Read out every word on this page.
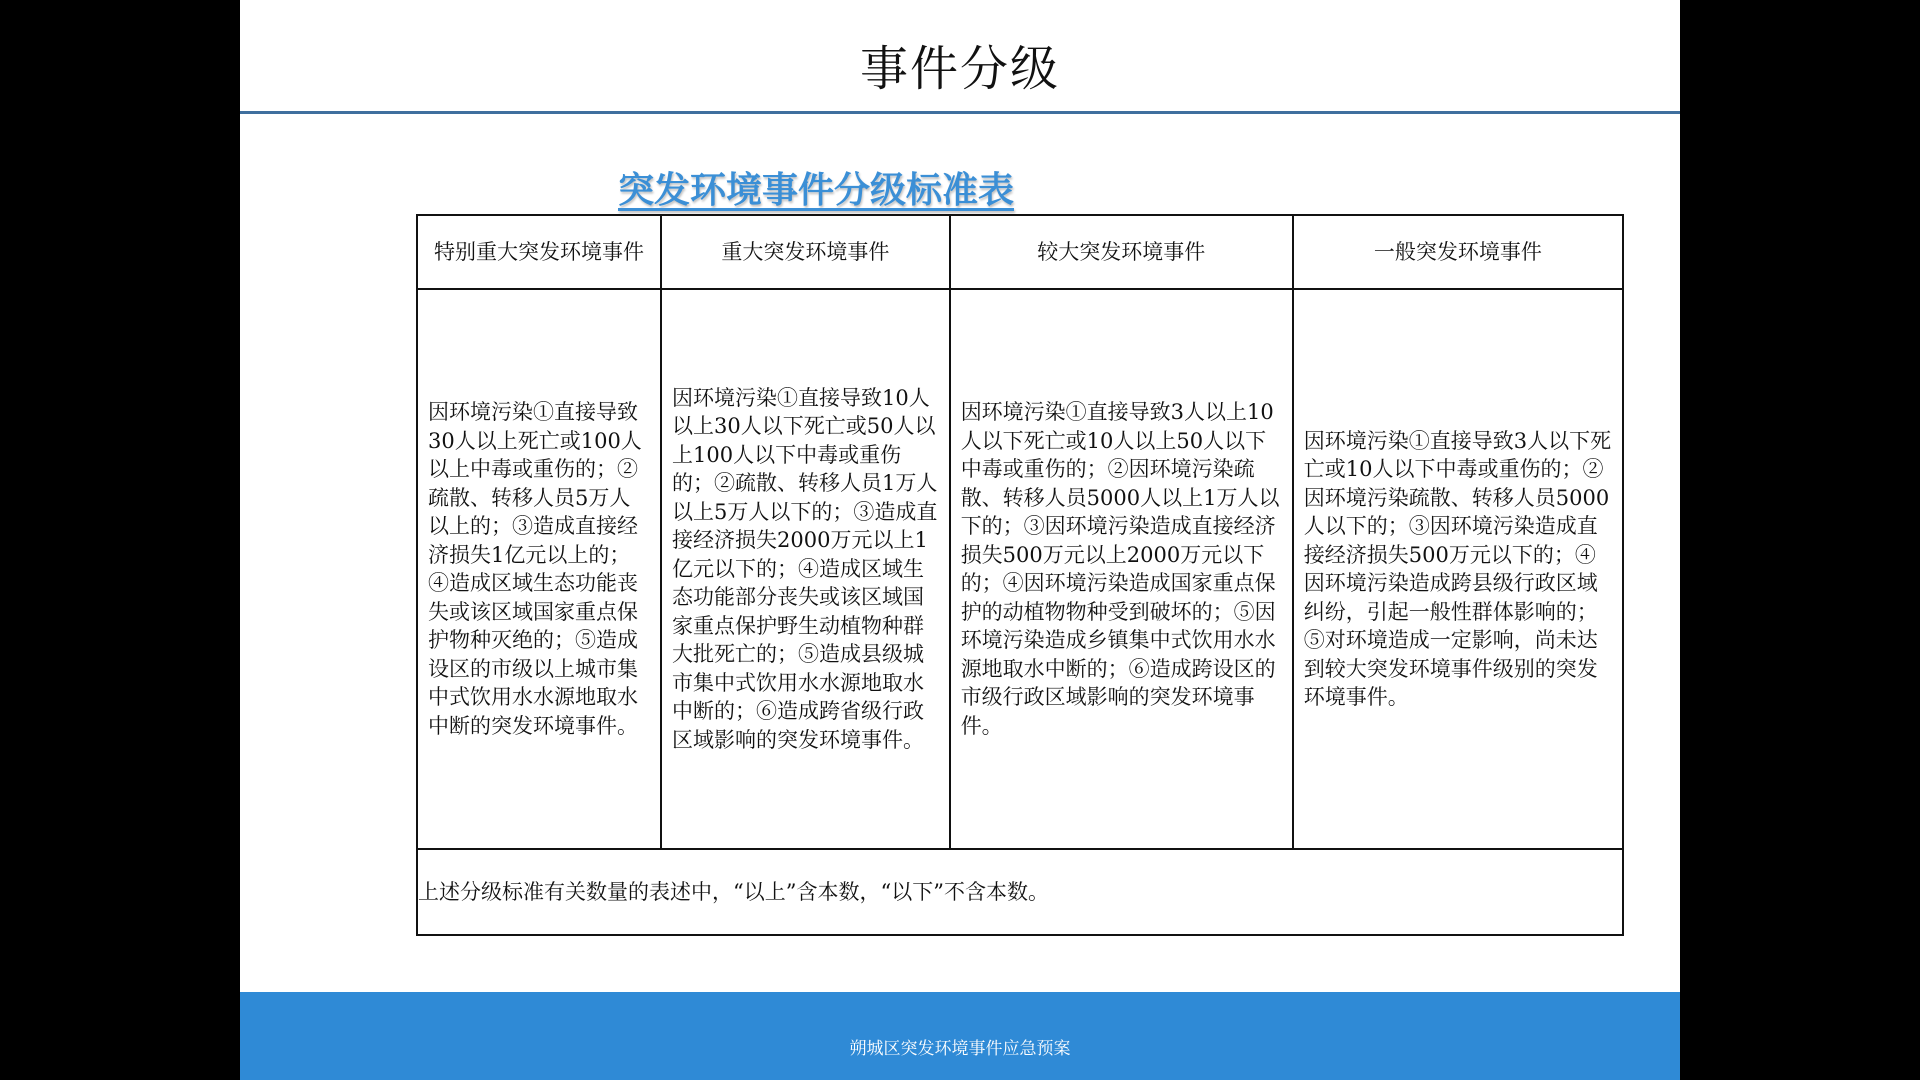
事件分级
突发环境事件分级标准表
特别重大突发环境事件	重大突发环境事件	较大突发环境事件	一般突发环境事件

因环境污染①直接导致30人以上死亡或100人以上中毒或重伤的；②疏散、转移人员5万人以上的；③造成直接经济损失1亿元以上的；④造成区域生态功能丧失或该区域国家重点保护物种灭绝的；⑤造成设区的市级以上城市集中式饮用水水源地取水中断的突发环境事件。	因环境污染①直接导致10人以上30人以下死亡或50人以上100人以下中毒或重伤的；②疏散、转移人员1万人以上5万人以下的；③造成直接经济损失2000万元以上1亿元以下的；④造成区域生态功能部分丧失或该区域国家重点保护野生动植物种群大批死亡的；⑤造成县级城市集中式饮用水水源地取水中断的；⑥造成跨省级行政区域影响的突发环境事件。	因环境污染①直接导致3人以上10人以下死亡或10人以上50人以下中毒或重伤的；②因环境污染疏散、转移人员5000人以上1万人以下的；③因环境污染造成直接经济损失500万元以上2000万元以下的；④因环境污染造成国家重点保护的动植物物种受到破坏的；⑤因环境污染造成乡镇集中式饮用水水源地取水中断的；⑥造成跨设区的市级行政区域影响的突发环境事件。	因环境污染①直接导致3人以下死亡或10人以下中毒或重伤的；②因环境污染疏散、转移人员5000人以下的；③因环境污染造成直接经济损失500万元以下的；④因环境污染造成跨县级行政区域纠纷，引起一般性群体影响的；⑤对环境造成一定影响，尚未达到较大突发环境事件级别的突发环境事件。

上述分级标准有关数量的表述中，“以上”含本数，“以下”不含本数。			
朔城区突发环境事件应急预案
